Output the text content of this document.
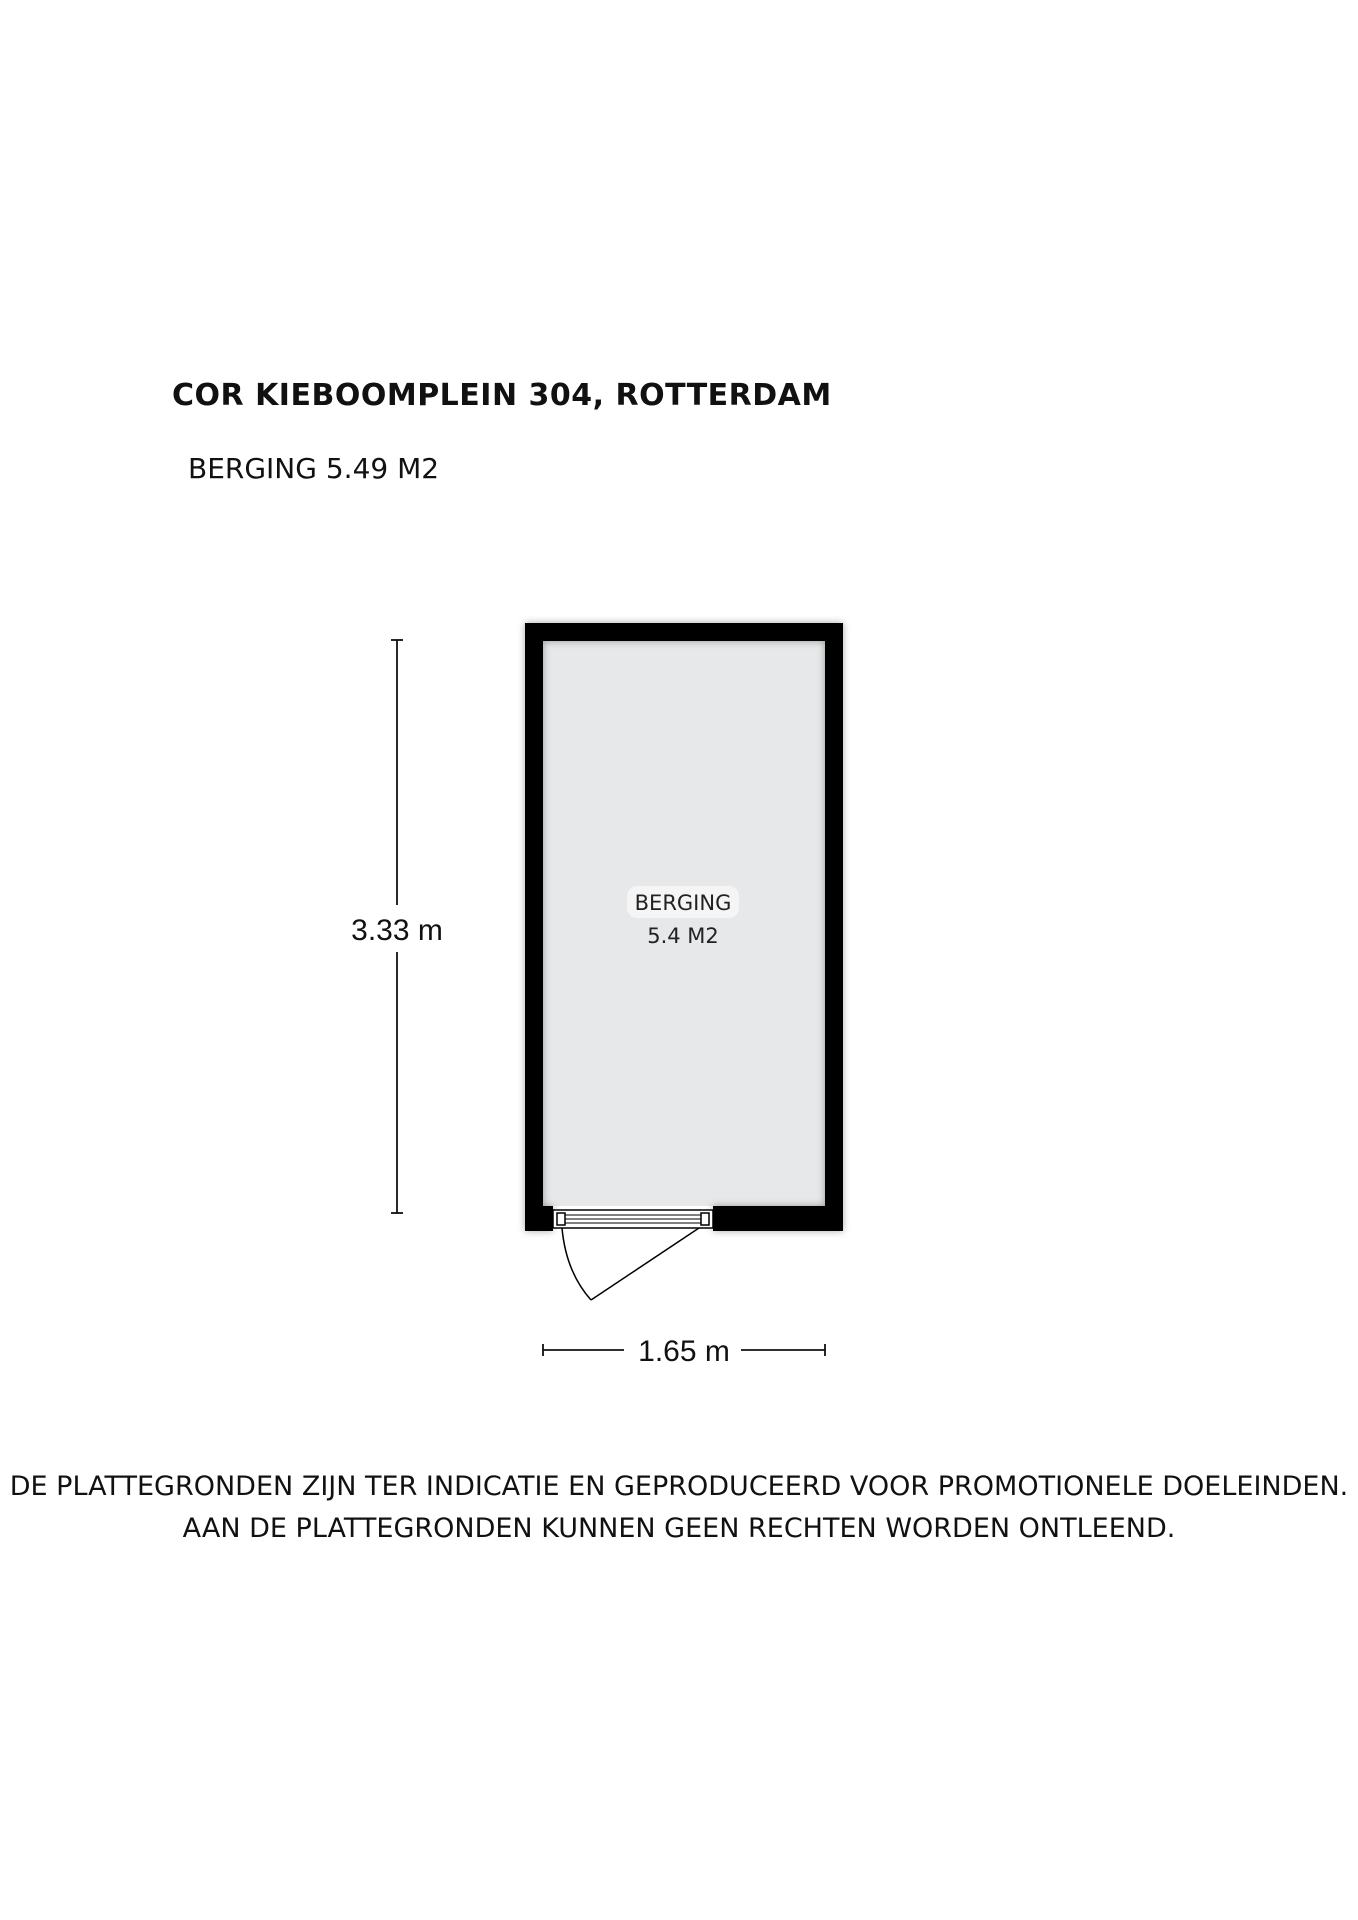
COR KIEBOOMPLEIN 304, ROTTERDAM
BERGING 5.49 M2
BERGING
5.4 M2
3.33 m
1.65 m
DE PLATTEGRONDEN ZIJN TER INDICATIE EN GEPRODUCEERD VOOR PROMOTIONELE DOELEINDEN.
AAN DE PLATTEGRONDEN KUNNEN GEEN RECHTEN WORDEN ONTLEEND.
